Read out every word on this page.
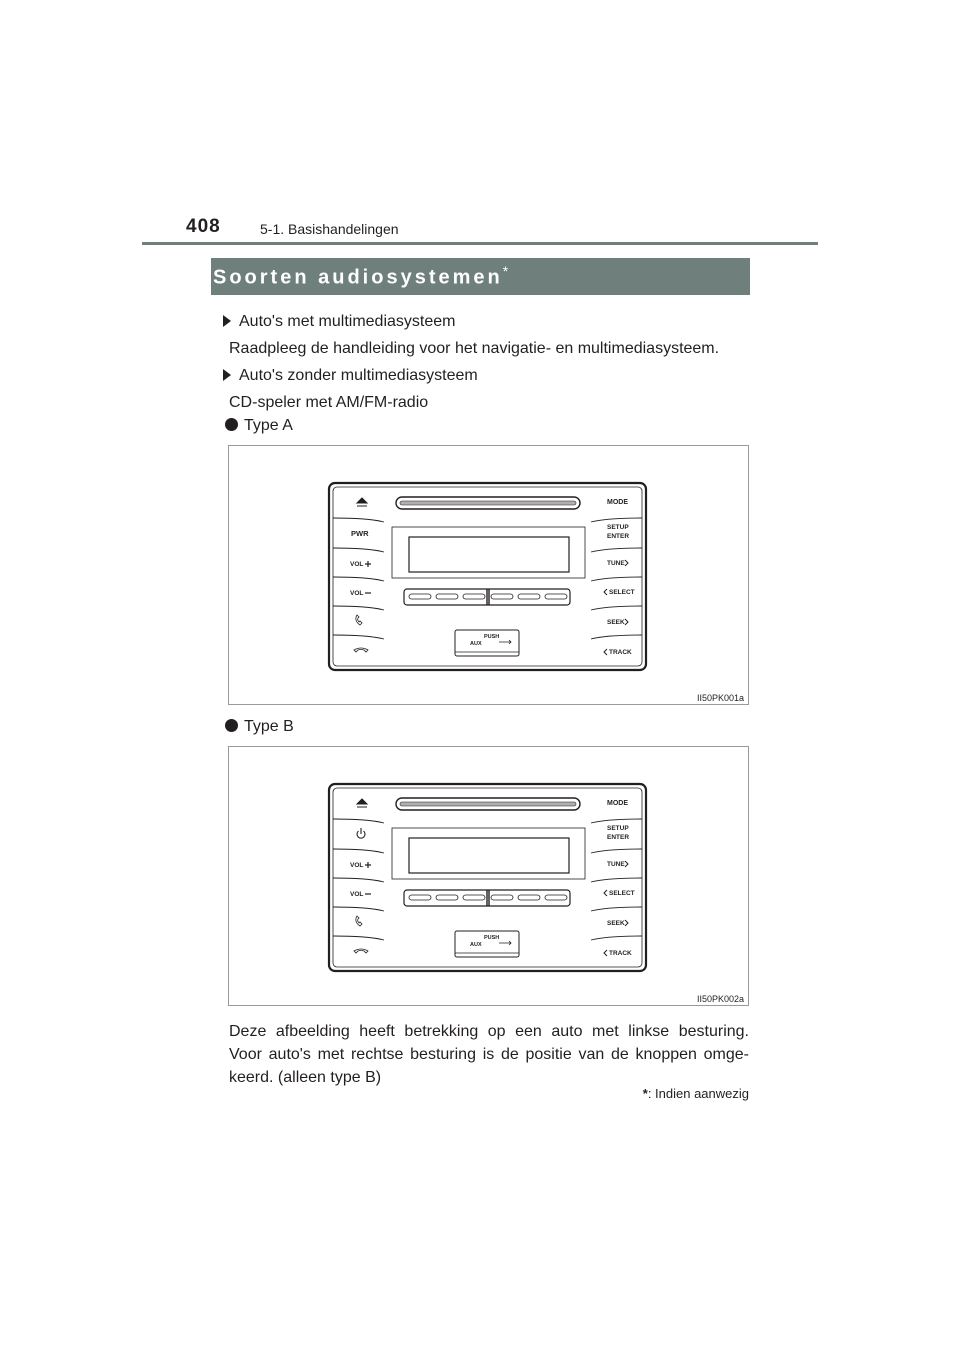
408	5-1. Basishandelingen
Soorten audiosystemen*
Auto's met multimediasysteem
Raadpleeg de handleiding voor het navigatie- en multimediasysteem.
Auto's zonder multimediasysteem
CD-speler met AM/FM-radio
Type A
PUSH
AUX
PWR
VOL
VOL
MODE
SETUP
ENTER
TUNE
SELECT
SEEK
TRACK
II50PK001a
Type B
PUSH
AUX
VOL
VOL
MODE
SETUP
ENTER
TUNE
SELECT
SEEK
TRACK
II50PK002a
Deze afbeelding heeft betrekking op een auto met linkse besturing.
Voor auto's met rechtse besturing is de positie van de knoppen omge-
keerd. (alleen type B)
*: Indien aanwezig
